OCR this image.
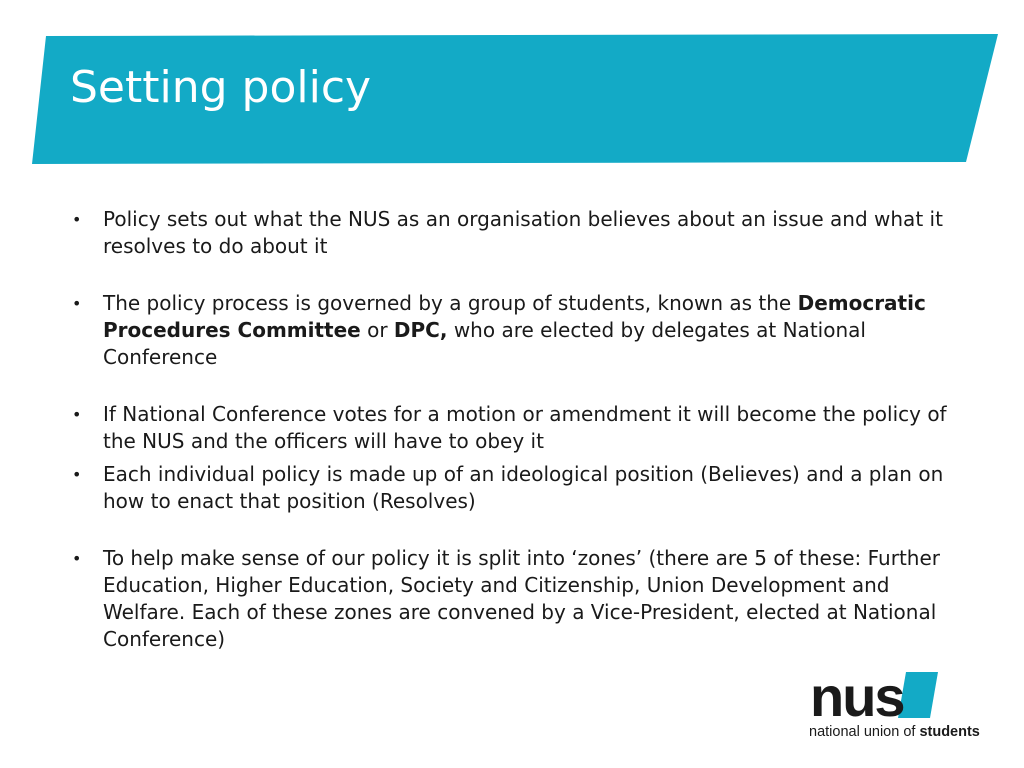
Setting policy
• Policy sets out what the NUS as an organisation believes about an issue and what it resolves to do about it
• The policy process is governed by a group of students, known as the Democratic Procedures Committee or DPC, who are elected by delegates at National Conference
• If National Conference votes for a motion or amendment it will become the policy of the NUS and the officers will have to obey it
• Each individual policy is made up of an ideological position (Believes) and a plan on how to enact that position (Resolves)
• To help make sense of our policy it is split into ‘zones’ (there are 5 of these: Further Education, Higher Education, Society and Citizenship, Union Development and Welfare. Each of these zones are convened by a Vice-President, elected at National Conference)
nus
national union of students
